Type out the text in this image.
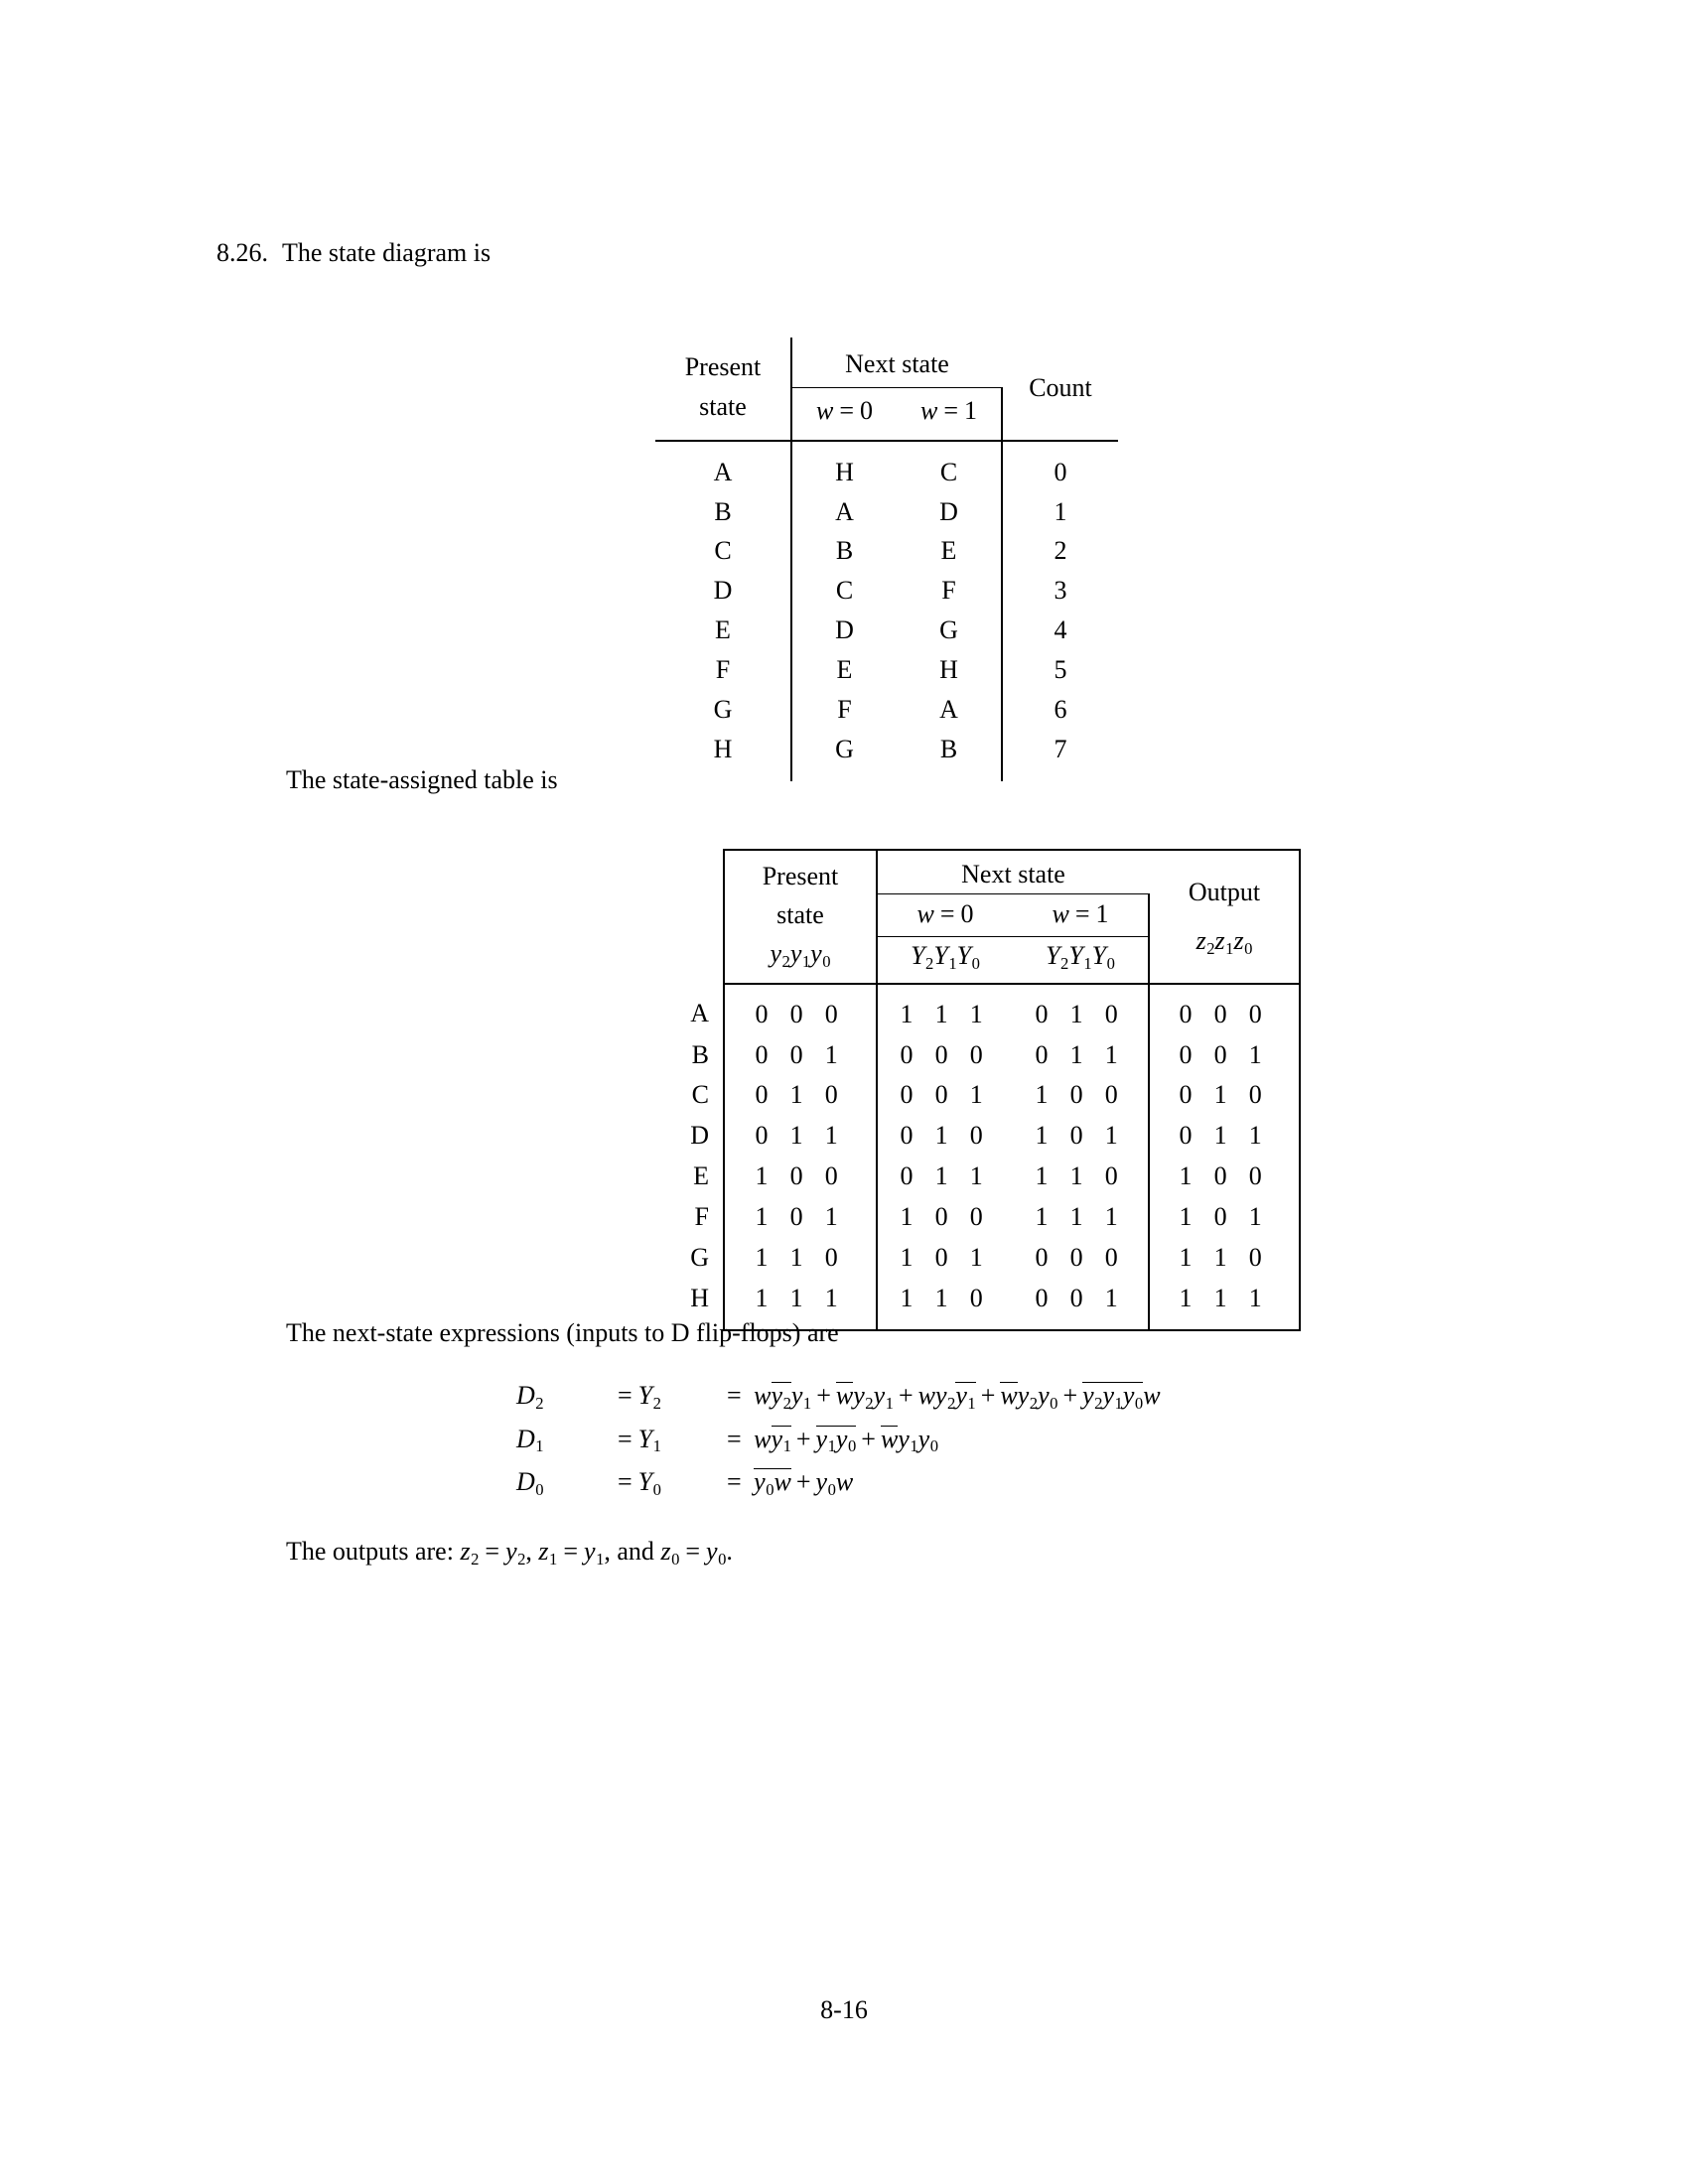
8.26. The state diagram is
Present
state	Next state		Count
	w = 0 w = 1		
A	H	C	0
B	A	D	1
C	B	E	2
D	C	F	3
E	D	G	4
F	E	H	5
G	F	A	6
H	G	B	7
The state-assigned table is

Present
state
$y_2y_1y_0$
	Next state	
Output
$z_2z_1z_0$

		w = 0	w = 1	
		$Y_2Y_1Y_0$	$Y_2Y_1Y_0$
A	0 0 0	1 1 1	0 1 0	0 0 0
B	0 0 1	0 0 0	0 1 1	0 0 1
C	0 1 0	0 0 1	1 0 0	0 1 0
D	0 1 1	0 1 0	1 0 1	0 1 1
E	1 0 0	0 1 1	1 1 0	1 0 0
F	1 0 1	1 0 0	1 1 1	1 0 1
G	1 1 0	1 0 1	0 0 0	1 1 0
H	1 1 1	1 1 0	0 0 1	1 1 1
The next-state expressions (inputs to D flip-flops) are
$D_2$	= $Y_2$	= $wy_2y_1 + wy_2y_1 + wy_2y_1 + wy_2y_0 + y_2y_1y_0w$
$D_1$	= $Y_1$	= $wy_1 + y_1y_0 + wy_1y_0$
$D_0$	= $Y_0$	= $y_0w + y_0w$
The outputs are: $z_2 = y_2$, $z_1 = y_1$, and $z_0 = y_0$.
8-16
